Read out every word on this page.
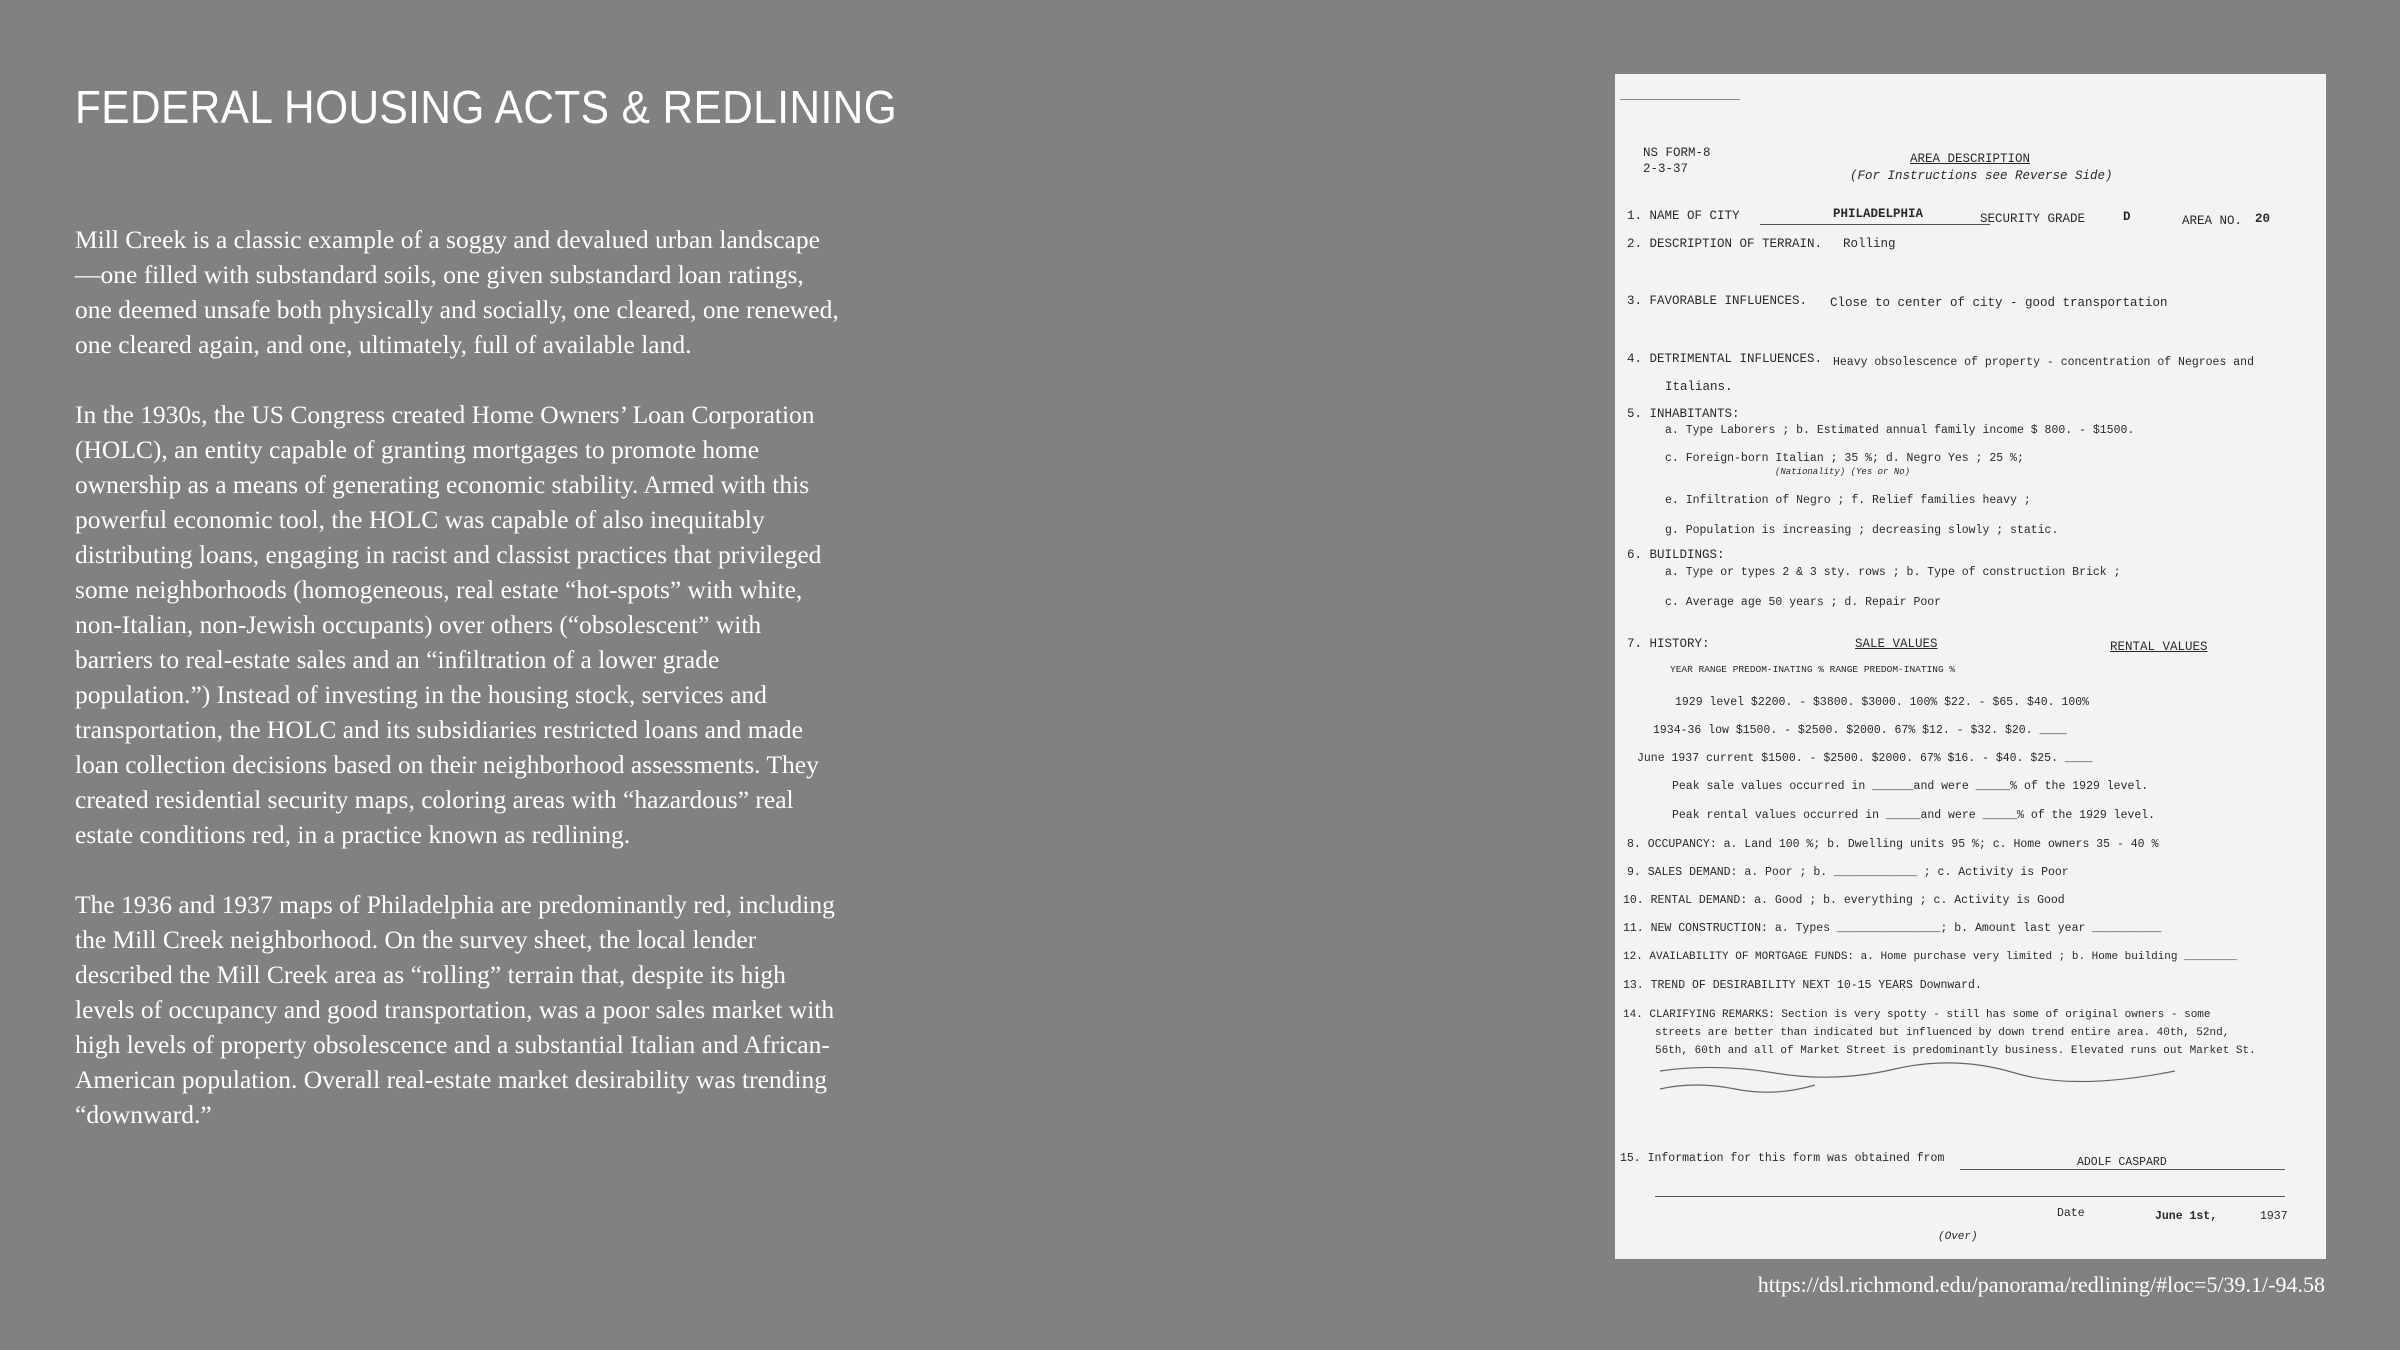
FEDERAL HOUSING ACTS & REDLINING

Mill Creek is a classic example of a soggy and devalued urban landscape—one filled with substandard soils, one given substandard loan ratings, one deemed unsafe both physically and socially, one cleared, one renewed, one cleared again, and one, ultimately, full of available land.

In the 1930s, the US Congress created Home Owners’ Loan Corporation (HOLC), an entity capable of granting mortgages to promote home ownership as a means of generating economic stability. Armed with this powerful economic tool, the HOLC was capable of also inequitably distributing loans, engaging in racist and classist practices that privileged some neighborhoods (homogeneous, real estate “hot-spots” with white, non-Italian, non-Jewish occupants) over others (“obsolescent” with barriers to real-estate sales and an “infiltration of a lower grade population.”) Instead of investing in the housing stock, services and transportation, the HOLC and its subsidiaries restricted loans and made loan collection decisions based on their neighborhood assessments. They created residential security maps, coloring areas with “hazardous” real estate conditions red, in a practice known as redlining.

The 1936 and 1937 maps of Philadelphia are predominantly red, including the Mill Creek neighborhood. On the survey sheet, the local lender described the Mill Creek area as “rolling” terrain that, despite its high levels of occupancy and good transportation, was a poor sales market with high levels of property obsolescence and a substantial Italian and African-American population. Overall real-estate market desirability was trending “downward.”

NS FORM-8
2-3-37
AREA DESCRIPTION
(For Instructions see Reverse Side)
1. NAME OF CITY	PHILADELPHIA	SECURITY GRADE	D	AREA NO. 20
2. DESCRIPTION OF TERRAIN. Rolling
3. FAVORABLE INFLUENCES. Close to center of city - good transportation
4. DETRIMENTAL INFLUENCES. Heavy obsolescence of property - concentration of Negroes and
Italians.
5. INHABITANTS:
a. Type Laborers ; b. Estimated annual family income $ 800. - $1500.
c. Foreign-born Italian ; 35 %; d. Negro Yes ; 25 %;
(Nationality) (Yes or No)
e. Infiltration of Negro ; f. Relief families heavy ;
g. Population is increasing ; decreasing slowly ; static.
6. BUILDINGS:
a. Type or types 2 & 3 sty. rows ; b. Type of construction Brick ;
c. Average age 50 years ; d. Repair Poor
7. HISTORY:	SALE VALUES	RENTAL VALUES
YEAR RANGE PREDOM-INATING % RANGE PREDOM-INATING %
1929 level $2200. - $3800. $3000. 100% $22. - $65. $40. 100%
1934-36 low $1500. - $2500. $2000. 67% $12. - $32. $20. ____
June 1937 current $1500. - $2500. $2000. 67% $16. - $40. $25. ____
Peak sale values occurred in ______and were _____% of the 1929 level.
Peak rental values occurred in _____and were _____% of the 1929 level.
8. OCCUPANCY: a. Land 100 %; b. Dwelling units 95 %; c. Home owners 35 - 40 %
9. SALES DEMAND: a. Poor ; b. ____________ ; c. Activity is Poor
10. RENTAL DEMAND: a. Good ; b. everything ; c. Activity is Good
11. NEW CONSTRUCTION: a. Types _______________; b. Amount last year __________
12. AVAILABILITY OF MORTGAGE FUNDS: a. Home purchase very limited ; b. Home building ________
13. TREND OF DESIRABILITY NEXT 10-15 YEARS Downward.
14. CLARIFYING REMARKS: Section is very spotty - still has some of original owners - some
streets are better than indicated but influenced by down trend entire area. 40th, 52nd,
56th, 60th and all of Market Street is predominantly business. Elevated runs out Market St.
15. Information for this form was obtained from	ADOLF CASPARD
Date	June 1st,	1937
(Over)
https://dsl.richmond.edu/panorama/redlining/#loc=5/39.1/-94.58
